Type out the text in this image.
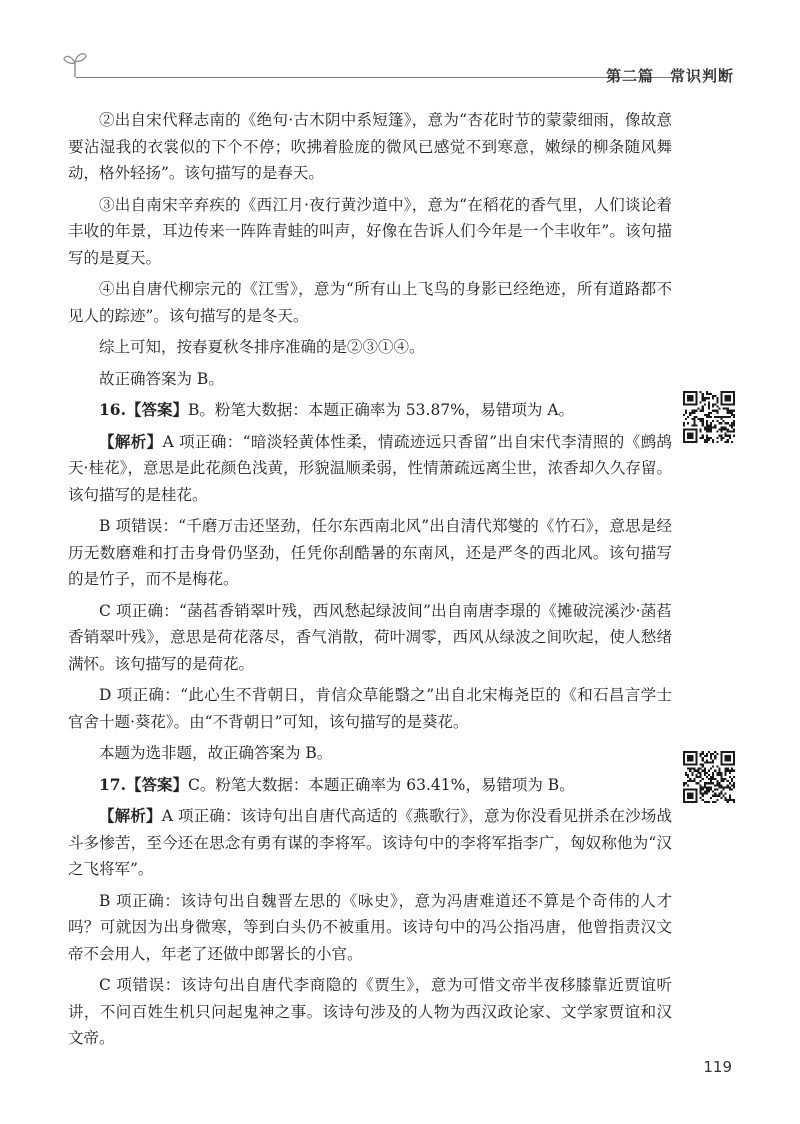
第二篇　常识判断

②出自宋代释志南的《绝句·古木阴中系短篷》，意为“杏花时节的蒙蒙细雨，像故意要沾湿我的衣裳似的下个不停；吹拂着脸庞的微风已感觉不到寒意，嫩绿的柳条随风舞动，格外轻扬”。该句描写的是春天。

③出自南宋辛弃疾的《西江月·夜行黄沙道中》，意为“在稻花的香气里，人们谈论着丰收的年景，耳边传来一阵阵青蛙的叫声，好像在告诉人们今年是一个丰收年”。该句描写的是夏天。

④出自唐代柳宗元的《江雪》，意为“所有山上飞鸟的身影已经绝迹，所有道路都不见人的踪迹”。该句描写的是冬天。

综上可知，按春夏秋冬排序准确的是②③①④。

故正确答案为 B。

16.【答案】B。粉笔大数据：本题正确率为 53.87%，易错项为 A。

【解析】A 项正确：“暗淡轻黄体性柔，情疏迹远只香留”出自宋代李清照的《鹧鸪天·桂花》，意思是此花颜色浅黄，形貌温顺柔弱，性情萧疏远离尘世，浓香却久久存留。该句描写的是桂花。

B 项错误：“千磨万击还坚劲，任尔东西南北风”出自清代郑燮的《竹石》，意思是经历无数磨难和打击身骨仍坚劲，任凭你刮酷暑的东南风，还是严冬的西北风。该句描写的是竹子，而不是梅花。

C 项正确：“菡萏香销翠叶残，西风愁起绿波间”出自南唐李璟的《摊破浣溪沙·菡萏香销翠叶残》，意思是荷花落尽，香气消散，荷叶凋零，西风从绿波之间吹起，使人愁绪满怀。该句描写的是荷花。

D 项正确：“此心生不背朝日，肯信众草能翳之”出自北宋梅尧臣的《和石昌言学士官舍十题·葵花》。由“不背朝日”可知，该句描写的是葵花。

本题为选非题，故正确答案为 B。

17.【答案】C。粉笔大数据：本题正确率为 63.41%，易错项为 B。

【解析】A 项正确：该诗句出自唐代高适的《燕歌行》，意为你没看见拼杀在沙场战斗多惨苦，至今还在思念有勇有谋的李将军。该诗句中的李将军指李广，匈奴称他为“汉之飞将军”。

B 项正确：该诗句出自魏晋左思的《咏史》，意为冯唐难道还不算是个奇伟的人才吗？可就因为出身微寒，等到白头仍不被重用。该诗句中的冯公指冯唐，他曾指责汉文帝不会用人，年老了还做中郎署长的小官。

C 项错误：该诗句出自唐代李商隐的《贾生》，意为可惜文帝半夜移膝靠近贾谊听讲，不问百姓生机只问起鬼神之事。该诗句涉及的人物为西汉政论家、文学家贾谊和汉文帝。

119
